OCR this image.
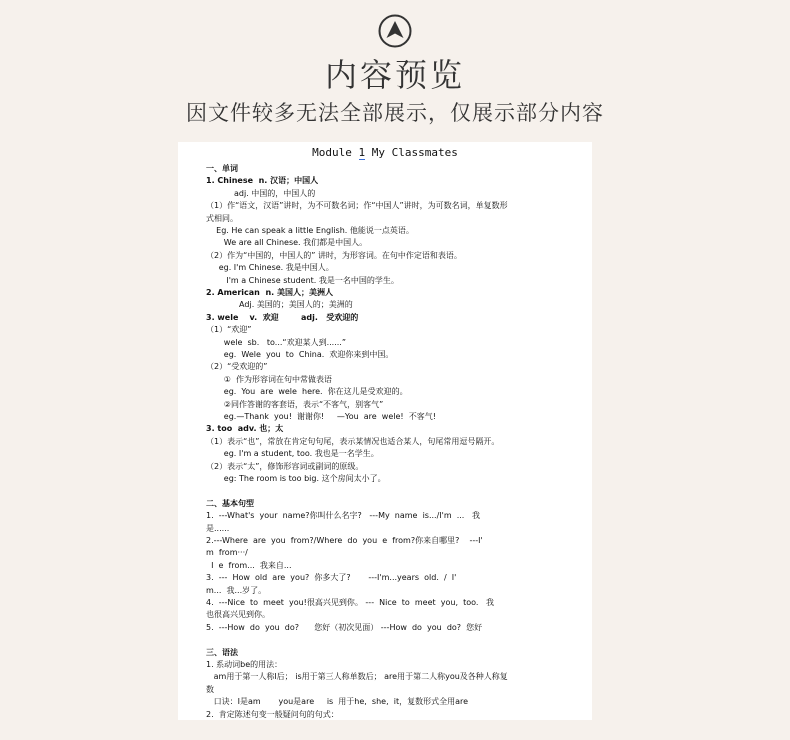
内容预览
因文件较多无法全部展示，仅展示部分内容
Module 1 My Classmates
一、单词
1. Chinese  n. 汉语；中国人
adj. 中国的，中国人的
（1）作“语文，汉语”讲时，为不可数名词；作“中国人”讲时，为可数名词，单复数形
式相同。
Eg. He can speak a little English. 他能说一点英语。
We are all Chinese. 我们都是中国人。
（2）作为“中国的，中国人的” 讲时，为形容词。在句中作定语和表语。
eg. I'm Chinese. 我是中国人。
I'm a Chinese student. 我是一名中国的学生。
2. American  n. 美国人；美洲人
Adj. 美国的；美国人的；美洲的
3. wele    v.  欢迎        adj.   受欢迎的
（1）“欢迎”
wele  sb.   to...“欢迎某人到......”
eg.  Wele  you  to  China.  欢迎你来到中国。
（2）“受欢迎的”
①  作为形容词在句中常做表语
eg.  You  are  wele  here.  你在这儿是受欢迎的。
②同作答谢的客套语，表示“不客气，别客气”
eg.—Thank  you!  谢谢你!     —You  are  wele!  不客气!
3. too  adv. 也；太
（1）表示“也”，常放在肯定句句尾，表示某情况也适合某人，句尾常用逗号隔开。
eg. I'm a student, too. 我也是一名学生。
（2）表示“太”，修饰形容词或副词的原级。
eg: The room is too big. 这个房间太小了。
二、基本句型
1.  ---What's  your  name?你叫什么名字?   ---My  name  is.../I'm  ...   我
是......
2.---Where  are  you  from?/Where  do  you  e  from?你来自哪里?    ---I'
m  from···/
I  e  from...  我来自...
3.  ---  How  old  are  you?  你多大了?       ---I'm...years  old.  /  I'
m...  我...岁了。
4.  ---Nice  to  meet  you!很高兴见到你。 ---  Nice  to  meet  you,  too.   我
也很高兴见到你。
5.  ---How  do  you  do?      您好（初次见面） ---How  do  you  do?  您好
三、语法
1. 系动词be的用法：
am用于第一人称I后； is用于第三人称单数后； are用于第二人称you及各种人称复
数
口诀：I是am       you是are     is  用于he,  she,  it，复数形式全用are
2.  肯定陈述句变一般疑问句的句式：
